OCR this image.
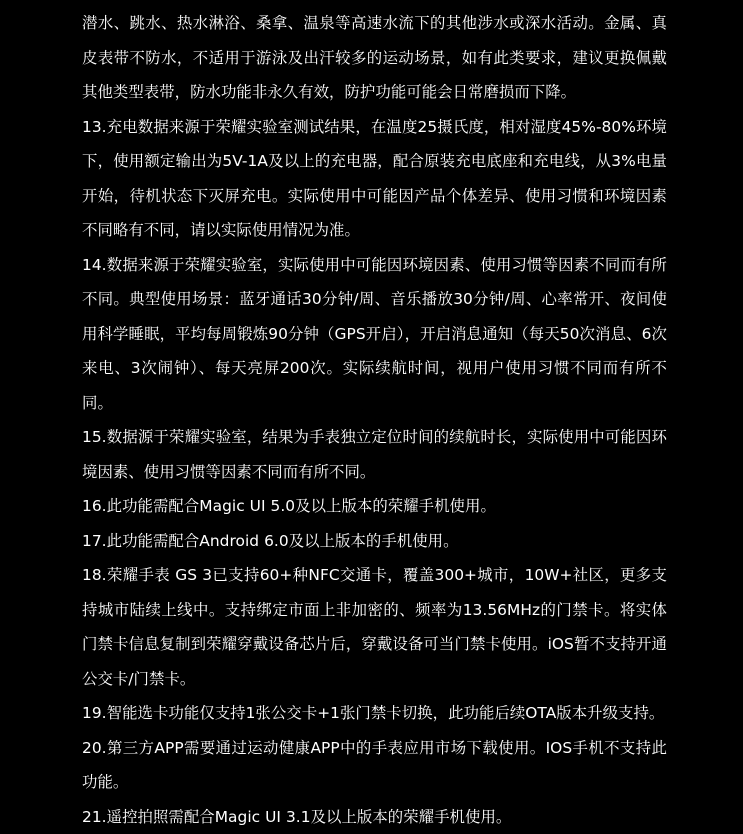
潜水、跳水、热水淋浴、桑拿、温泉等高速水流下的其他涉水或深水活动。金属、真皮表带不防水，不适用于游泳及出汗较多的运动场景，如有此类要求，建议更换佩戴其他类型表带，防水功能非永久有效，防护功能可能会日常磨损而下降。
13.充电数据来源于荣耀实验室测试结果，在温度25摄氏度，相对湿度45%-80%环境下，使用额定输出为5V-1A及以上的充电器，配合原装充电底座和充电线，从3%电量开始，待机状态下灭屏充电。实际使用中可能因产品个体差异、使用习惯和环境因素不同略有不同，请以实际使用情况为准。
14.数据来源于荣耀实验室，实际使用中可能因环境因素、使用习惯等因素不同而有所不同。典型使用场景：蓝牙通话30分钟/周、音乐播放30分钟/周、心率常开、夜间使用科学睡眠，平均每周锻炼90分钟（GPS开启），开启消息通知（每天50次消息、6次来电、3次闹钟）、每天亮屏200次。实际续航时间，视用户使用习惯不同而有所不同。
15.数据源于荣耀实验室，结果为手表独立定位时间的续航时长，实际使用中可能因环境因素、使用习惯等因素不同而有所不同。
16.此功能需配合Magic UI 5.0及以上版本的荣耀手机使用。
17.此功能需配合Android 6.0及以上版本的手机使用。
18.荣耀手表 GS 3已支持60+种NFC交通卡，覆盖300+城市，10W+社区，更多支持城市陆续上线中。支持绑定市面上非加密的、频率为13.56MHz的门禁卡。将实体门禁卡信息复制到荣耀穿戴设备芯片后，穿戴设备可当门禁卡使用。iOS暂不支持开通公交卡/门禁卡。
19.智能选卡功能仅支持1张公交卡+1张门禁卡切换，此功能后续OTA版本升级支持。
20.第三方APP需要通过运动健康APP中的手表应用市场下载使用。IOS手机不支持此功能。
21.遥控拍照需配合Magic UI 3.1及以上版本的荣耀手机使用。
